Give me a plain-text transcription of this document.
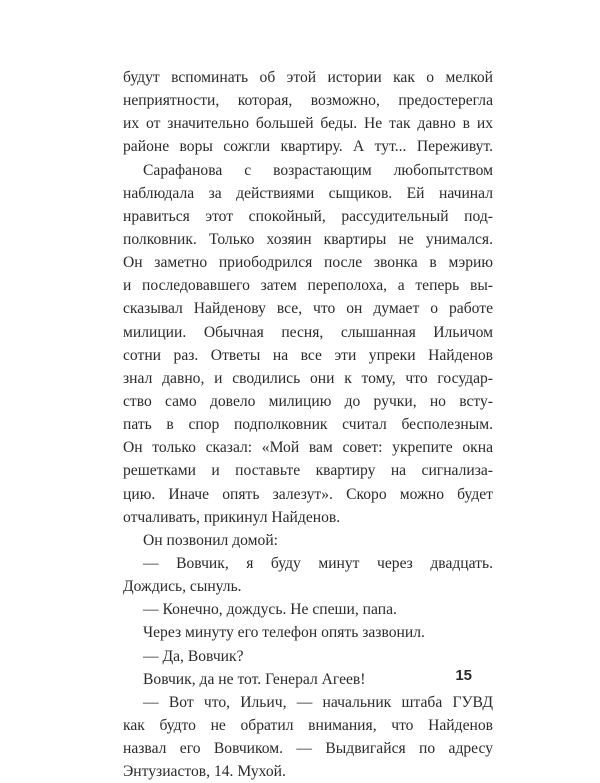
будут вспоминать об этой истории как о мелкой
неприятности, которая, возможно, предостерегла
их от значительно большей беды. Не так давно в их
районе воры сожгли квартиру. А тут... Переживут.
Сарафанова с возрастающим любопытством
наблюдала за действиями сыщиков. Ей начинал
нравиться этот спокойный, рассудительный под-
полковник. Только хозяин квартиры не унимался.
Он заметно приободрился после звонка в мэрию
и последовавшего затем переполоха, а теперь вы-
сказывал Найденову все, что он думает о работе
милиции. Обычная песня, слышанная Ильичом
сотни раз. Ответы на все эти упреки Найденов
знал давно, и сводились они к тому, что государ-
ство само довело милицию до ручки, но всту-
пать в спор подполковник считал бесполезным.
Он только сказал: «Мой вам совет: укрепите окна
решетками и поставьте квартиру на сигнализа-
цию. Иначе опять залезут». Скоро можно будет
отчаливать, прикинул Найденов.
Он позвонил домой:
— Вовчик, я буду минут через двадцать.
Дождись, сынуль.
— Конечно, дождусь. Не спеши, папа.
Через минуту его телефон опять зазвонил.
— Да, Вовчик?
Вовчик, да не тот. Генерал Агеев!
— Вот что, Ильич, — начальник штаба ГУВД
как будто не обратил внимания, что Найденов
назвал его Вовчиком. — Выдвигайся по адресу
Энтузиастов, 14. Мухой.
15
